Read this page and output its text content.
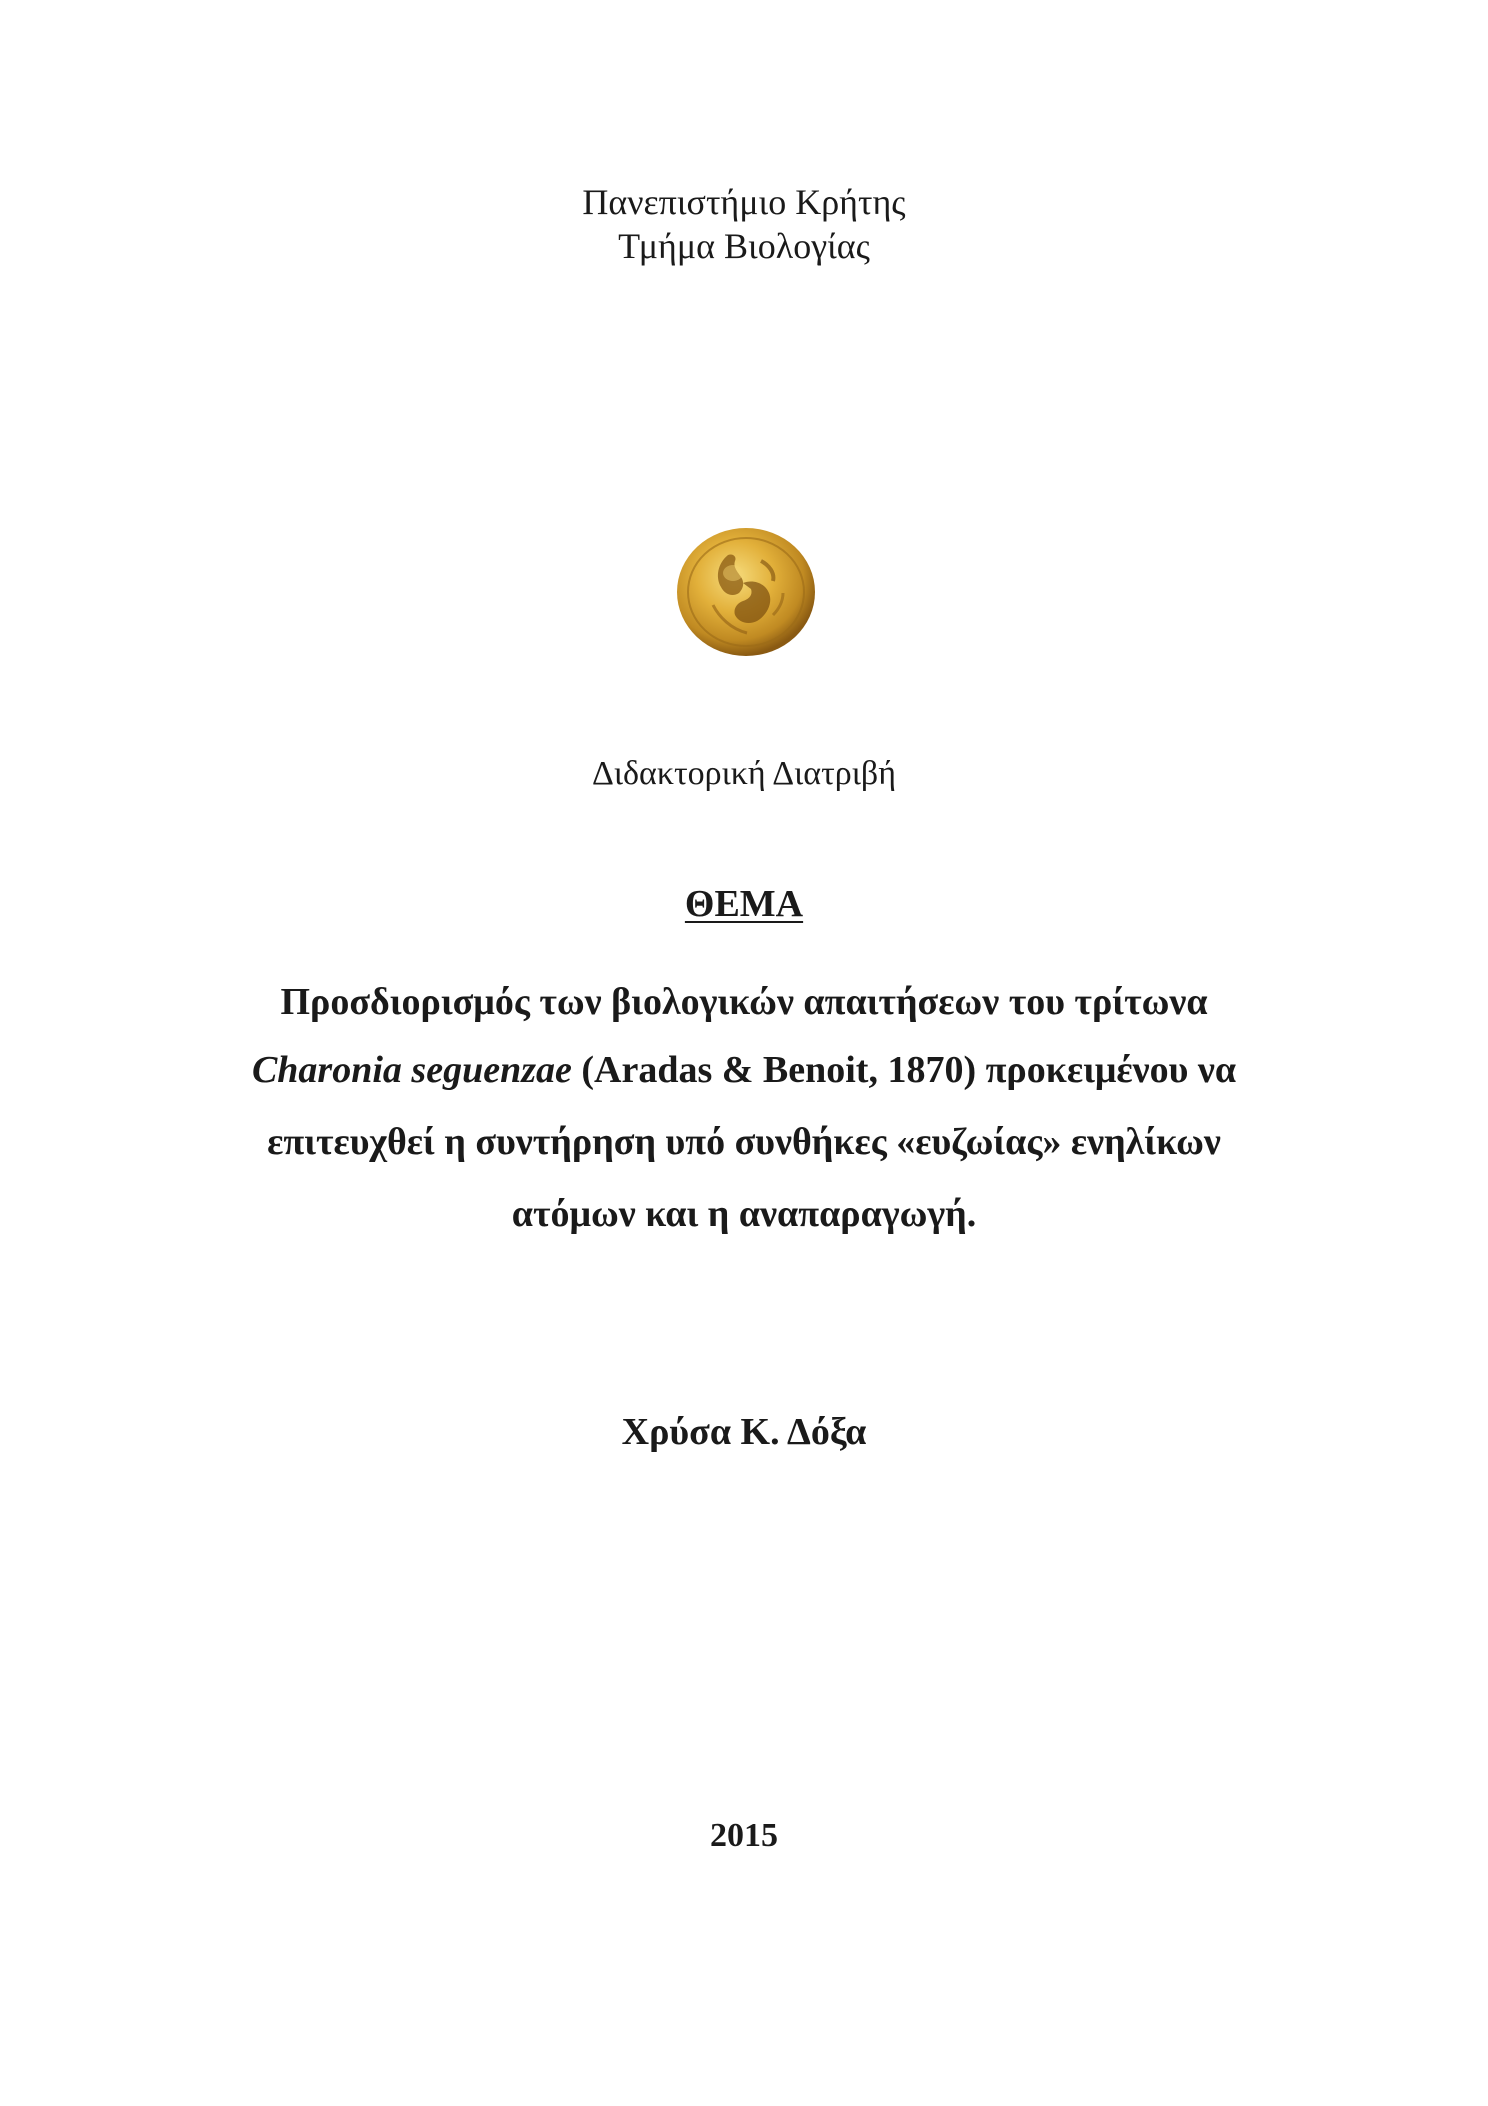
Πανεπιστήμιο Κρήτης
Τμήμα Βιολογίας
Διδακτορική Διατριβή
ΘΕΜΑ
Προσδιορισμός των βιολογικών απαιτήσεων του τρίτωνα
Charonia seguenzae (Aradas & Benoit, 1870) προκειμένου να
επιτευχθεί η συντήρηση υπό συνθήκες «ευζωίας» ενηλίκων
ατόμων και η αναπαραγωγή.
Χρύσα Κ. Δόξα
2015
